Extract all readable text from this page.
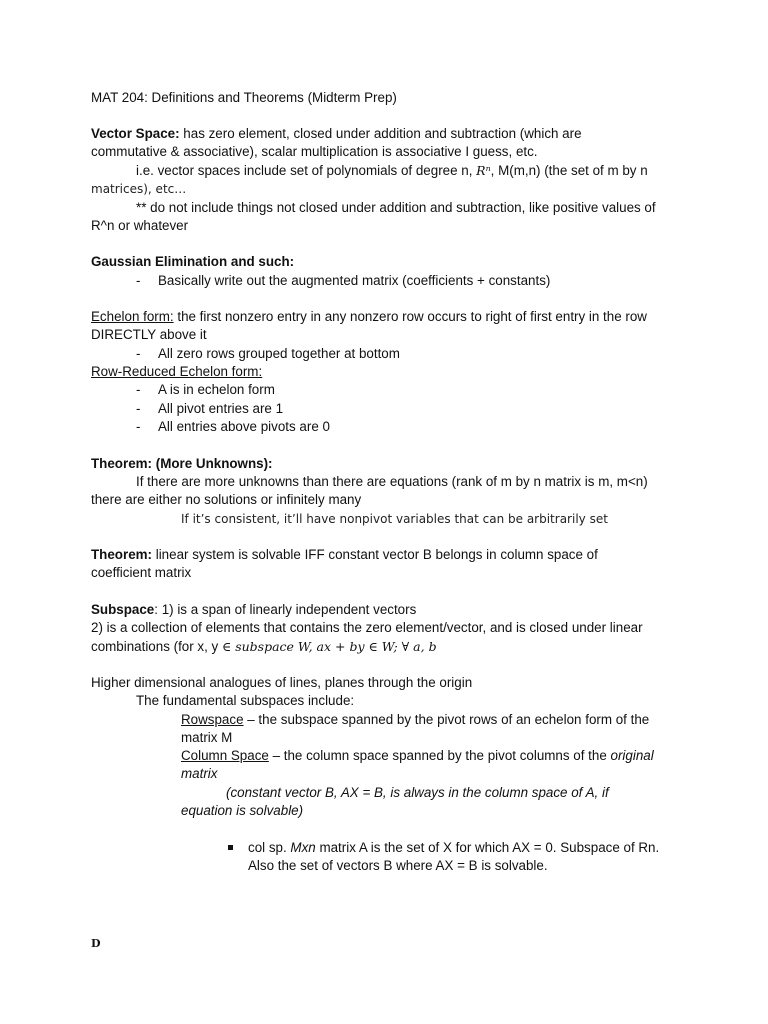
MAT 204: Definitions and Theorems (Midterm Prep)
Vector Space: has zero element, closed under addition and subtraction (which are
commutative & associative), scalar multiplication is associative I guess, etc.
i.e. vector spaces include set of polynomials of degree n, Rⁿ, M(m,n) (the set of m by n
matrices), etc…
** do not include things not closed under addition and subtraction, like positive values of
R^n or whatever
Gaussian Elimination and such:
- Basically write out the augmented matrix (coefficients + constants)
Echelon form: the first nonzero entry in any nonzero row occurs to right of first entry in the row
DIRECTLY above it
- All zero rows grouped together at bottom
Row-Reduced Echelon form:
- A is in echelon form
- All pivot entries are 1
- All entries above pivots are 0
Theorem: (More Unknowns):
If there are more unknowns than there are equations (rank of m by n matrix is m, m<n)
there are either no solutions or infinitely many
If it’s consistent, it’ll have nonpivot variables that can be arbitrarily set
Theorem: linear system is solvable IFF constant vector B belongs in column space of
coefficient matrix
Subspace: 1) is a span of linearly independent vectors
2) is a collection of elements that contains the zero element/vector, and is closed under linear
combinations (for x, y ∈ subspace W, ax + by ∈ W; ∀ a, b
Higher dimensional analogues of lines, planes through the origin
The fundamental subspaces include:
Rowspace – the subspace spanned by the pivot rows of an echelon form of the
matrix M
Column Space – the column space spanned by the pivot columns of the original
matrix
(constant vector B, AX = B, is always in the column space of A, if
equation is solvable)
col sp. Mxn matrix A is the set of X for which AX = 0. Subspace of Rn.
Also the set of vectors B where AX = B is solvable.
D
